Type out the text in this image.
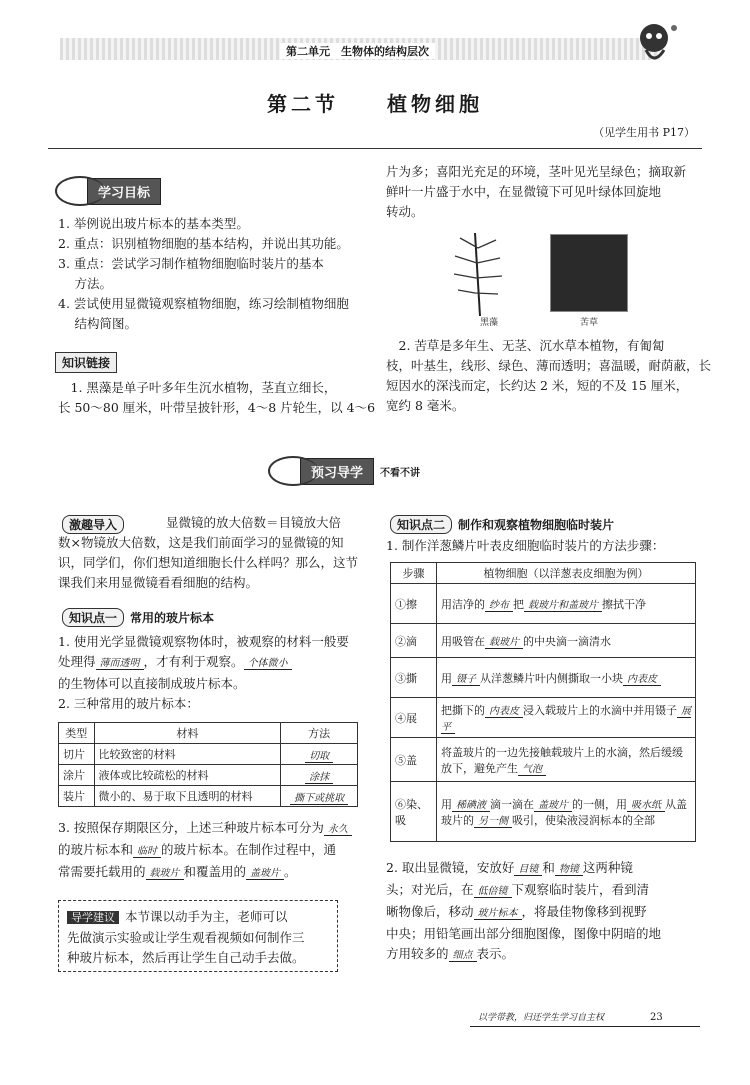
第二单元　生物体的结构层次
第二节　　植物细胞
（见学生用书 P17）
学习目标
1. 举例说出玻片标本的基本类型。
2. 重点：识别植物细胞的基本结构，并说出其功能。
3. 重点：尝试学习制作植物细胞临时装片的基本
　 方法。
4. 尝试使用显微镜观察植物细胞，练习绘制植物细胞
　 结构简图。
知识链接
　1. 黑藻是单子叶多年生沉水植物，茎直立细长，
长 50～80 厘米，叶带呈披针形，4～8 片轮生，以 4～6
片为多；喜阳光充足的环境，茎叶见光呈绿色；摘取新
鲜叶一片盛于水中，在显微镜下可见叶绿体回旋地
转动。
黑藻	苦草
　2. 苦草是多年生、无茎、沉水草本植物，有匍匐
枝，叶基生，线形、绿色、薄而透明；喜温暖，耐荫蔽，长
短因水的深浅而定，长约达 2 米，短的不及 15 厘米，
宽约 8 毫米。
预习导学	不看不讲
激趣导入	显微镜的放大倍数＝目镜放大倍
数×物镜放大倍数，这是我们前面学习的显微镜的知
识，同学们，你们想知道细胞长什么样吗？那么，这节
课我们来用显微镜看看细胞的结构。
知识点一	常用的玻片标本
1. 使用光学显微镜观察物体时，被观察的材料一般要
处理得 薄而透明 ，才有利于观察。 个体微小
的生物体可以直接制成玻片标本。
2. 三种常用的玻片标本：
类型	材料	方法
切片	比较致密的材料	切取
涂片	液体或比较疏松的材料	涂抹
装片	微小的、易于取下且透明的材料	撕下或挑取
3. 按照保存期限区分，上述三种玻片标本可分为 永久
的玻片标本和 临时 的玻片标本。在制作过程中，通
常需要托载用的 载玻片 和覆盖用的 盖玻片 。
导学建议 本节课以动手为主，老师可以
先做演示实验或让学生观看视频如何制作三
种玻片标本，然后再让学生自己动手去做。
知识点二	制作和观察植物细胞临时装片
1. 制作洋葱鳞片叶表皮细胞临时装片的方法步骤：
步骤	植物细胞（以洋葱表皮细胞为例）
①擦	用洁净的 纱布 把 载玻片和盖玻片 擦拭干净
②滴	用吸管在 载玻片 的中央滴一滴清水
③撕	用 镊子 从洋葱鳞片叶内侧撕取一小块 内表皮
④展	把撕下的 内表皮 浸入载玻片上的水滴中并用镊子 展平
⑤盖	将盖玻片的一边先接触载玻片上的水滴，然后缓缓放下，避免产生 气泡
⑥染、吸	用 稀碘液 滴一滴在 盖玻片 的一侧，用 吸水纸 从盖玻片的 另一侧 吸引，使染液浸润标本的全部
2. 取出显微镜，安放好 目镜 和 物镜 这两种镜
头；对光后，在 低倍镜 下观察临时装片，看到清
晰物像后，移动 玻片标本 ，将最佳物像移到视野
中央；用铅笔画出部分细胞图像，图像中阴暗的地
方用较多的 细点 表示。
以学带教，归还学生学习自主权	23
